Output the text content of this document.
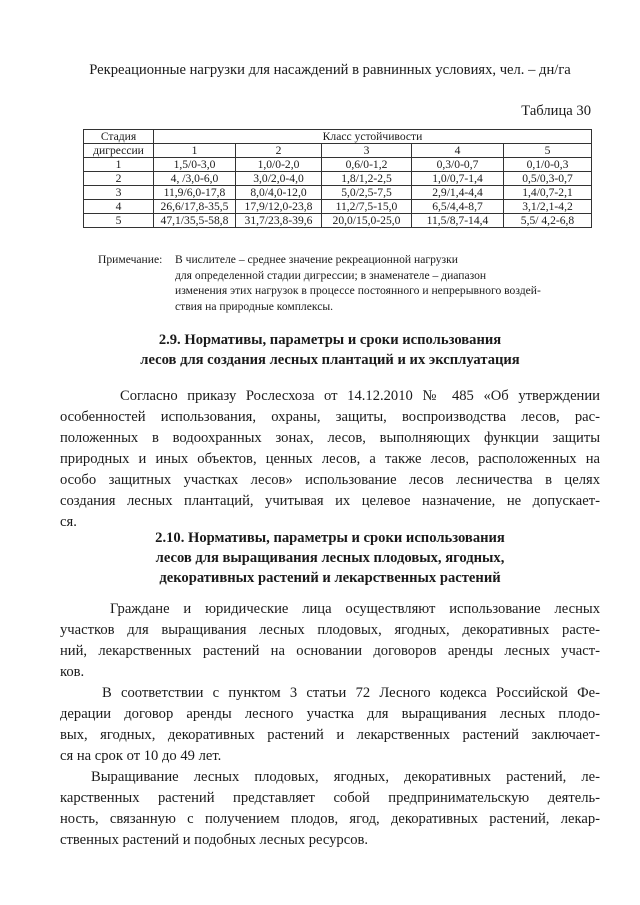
Рекреационные нагрузки для насаждений в равнинных условиях, чел. – дн/га
Таблица 30
Стадия	Класс устойчивости				
дигрессии	1	2	3	4	5
1	1,5/0-3,0	1,0/0-2,0	0,6/0-1,2	0,3/0-0,7	0,1/0-0,3
2	4, /3,0-6,0	3,0/2,0-4,0	1,8/1,2-2,5	1,0/0,7-1,4	0,5/0,3-0,7
3	11,9/6,0-17,8	8,0/4,0-12,0	5,0/2,5-7,5	2,9/1,4-4,4	1,4/0,7-2,1
4	26,6/17,8-35,5	17,9/12,0-23,8	11,2/7,5-15,0	6,5/4,4-8,7	3,1/2,1-4,2
5	47,1/35,5-58,8	31,7/23,8-39,6	20,0/15,0-25,0	11,5/8,7-14,4	5,5/ 4,2-6,8
Примечание: В числителе – среднее значение рекреационной нагрузки
для определенной стадии дигрессии; в знаменателе – диапазон
изменения этих нагрузок в процессе постоянного и непрерывного воздей-
ствия на природные комплексы.
2.9. Нормативы, параметры и сроки использования
лесов для создания лесных плантаций и их эксплуатация
Согласно приказу Рослесхоза от 14.12.2010 № 485 «Об утверждении
особенностей использования, охраны, защиты, воспроизводства лесов, рас-
положенных в водоохранных зонах, лесов, выполняющих функции защиты
природных и иных объектов, ценных лесов, а также лесов, расположенных на
особо защитных участках лесов» использование лесов лесничества в целях
создания лесных плантаций, учитывая их целевое назначение, не допускает-
ся.
2.10. Нормативы, параметры и сроки использования
лесов для выращивания лесных плодовых, ягодных,
декоративных растений и лекарственных растений
Граждане и юридические лица осуществляют использование лесных
участков для выращивания лесных плодовых, ягодных, декоративных расте-
ний, лекарственных растений на основании договоров аренды лесных участ-
ков.
В соответствии с пунктом 3 статьи 72 Лесного кодекса Российской Фе-
дерации договор аренды лесного участка для выращивания лесных плодо-
вых, ягодных, декоративных растений и лекарственных растений заключает-
ся на срок от 10 до 49 лет.
Выращивание лесных плодовых, ягодных, декоративных растений, ле-
карственных растений представляет собой предпринимательскую деятель-
ность, связанную с получением плодов, ягод, декоративных растений, лекар-
ственных растений и подобных лесных ресурсов.
